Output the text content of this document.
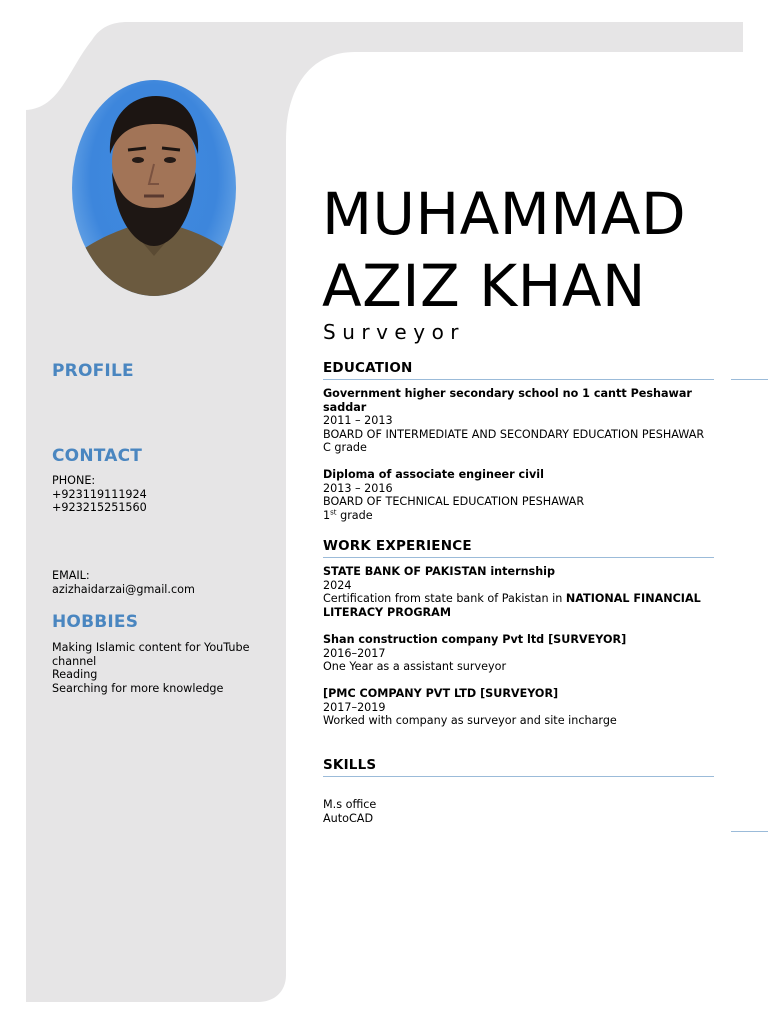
PROFILE
CONTACT
PHONE:
+923119111924
+923215251560
EMAIL:
azizhaidarzai@gmail.com
HOBBIES
Making Islamic content for YouTube
channel
Reading
Searching for more knowledge
MUHAMMAD
AZIZ KHAN
Surveyor
EDUCATION
Government higher secondary school no 1 cantt Peshawar
saddar
2011 – 2013
BOARD OF INTERMEDIATE AND SECONDARY EDUCATION PESHAWAR
C grade
Diploma of associate engineer civil
2013 – 2016
BOARD OF TECHNICAL EDUCATION PESHAWAR
1st grade
WORK EXPERIENCE
STATE BANK OF PAKISTAN internship
2024
Certification from state bank of Pakistan in NATIONAL FINANCIAL
LITERACY PROGRAM
Shan construction company Pvt ltd [SURVEYOR]
2016–2017
One Year as a assistant surveyor
[PMC COMPANY PVT LTD [SURVEYOR]
2017–2019
Worked with company as surveyor and site incharge
SKILLS
M.s office
AutoCAD
